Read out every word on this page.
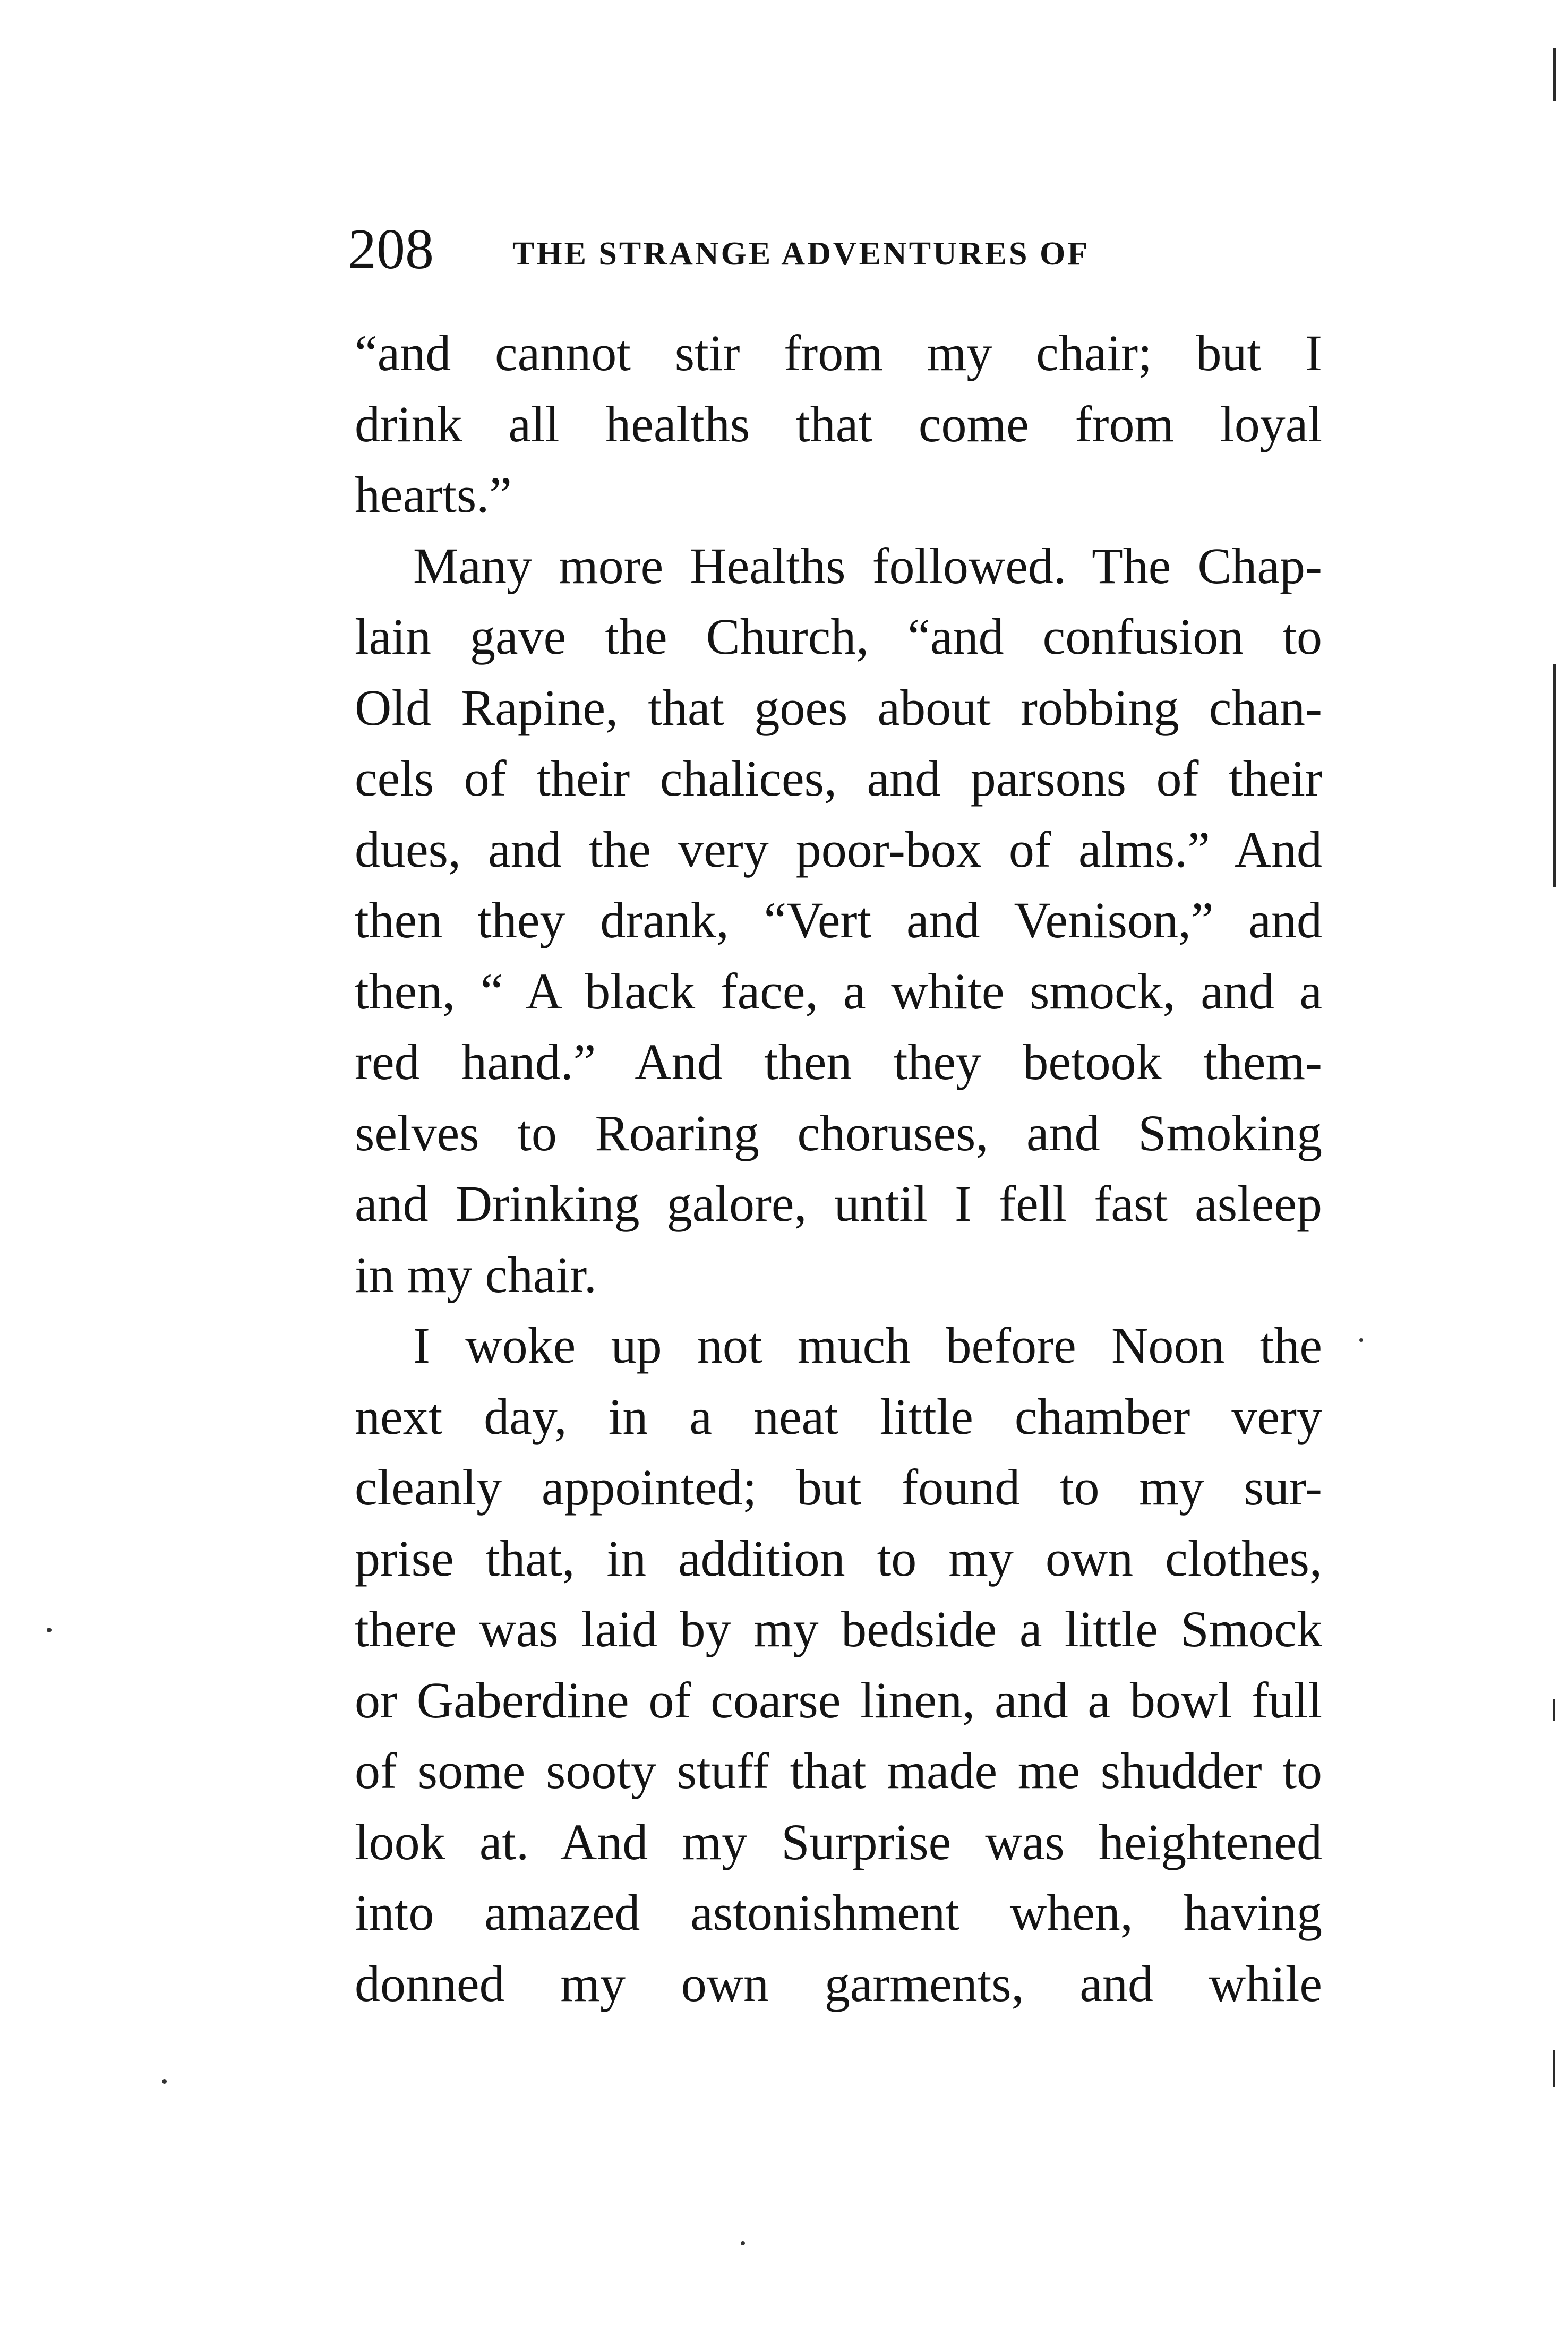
208 THE STRANGE ADVENTURES OF
“and cannot stir from my chair; but I
drink all healths that come from loyal
hearts.”
Many more Healths followed. The Chap-
lain gave the Church, “and confusion to
Old Rapine, that goes about robbing chan-
cels of their chalices, and parsons of their
dues, and the very poor-box of alms.” And
then they drank, “Vert and Venison,” and
then, “ A black face, a white smock, and a
red hand.” And then they betook them-
selves to Roaring choruses, and Smoking
and Drinking galore, until I fell fast asleep
in my chair.
I woke up not much before Noon the
next day, in a neat little chamber very
cleanly appointed; but found to my sur-
prise that, in addition to my own clothes,
there was laid by my bedside a little Smock
or Gaberdine of coarse linen, and a bowl full
of some sooty stuff that made me shudder to
look at. And my Surprise was heightened
into amazed astonishment when, having
donned my own garments, and while
